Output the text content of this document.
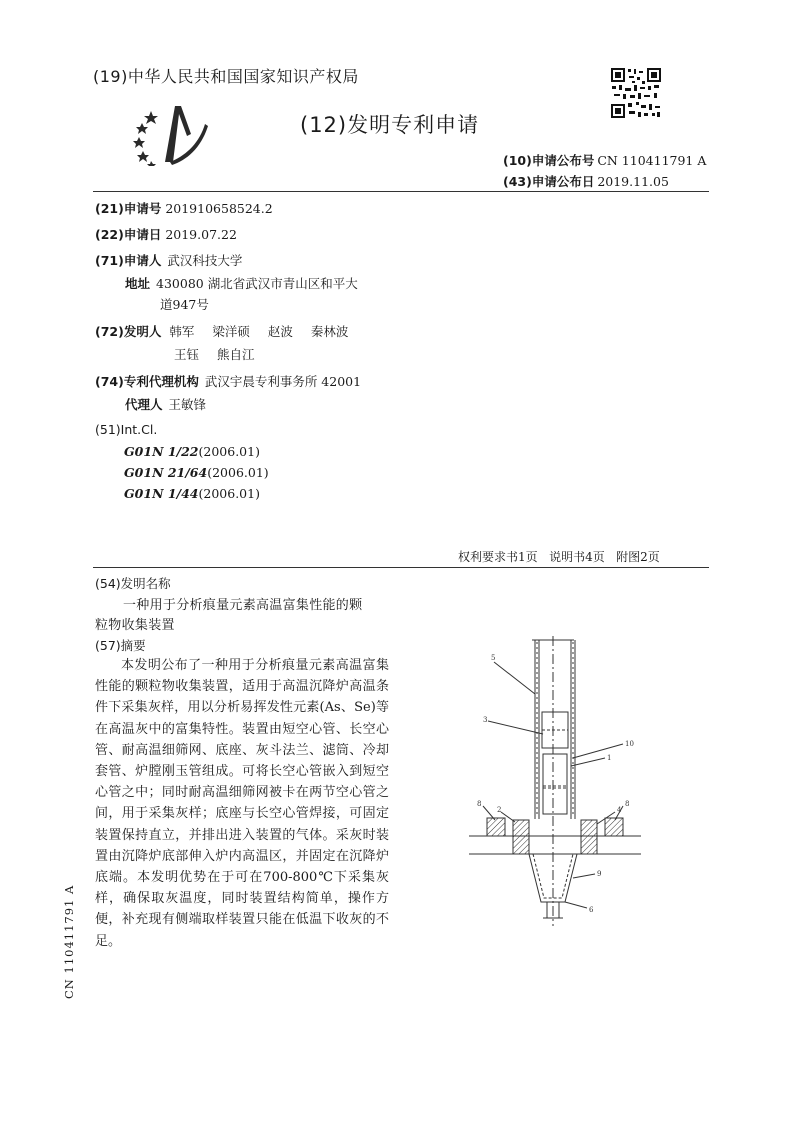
(19)中华人民共和国国家知识产权局
(12)发明专利申请
(10)申请公布号 CN 110411791 A
(43)申请公布日 2019.11.05
(21)申请号 201910658524.2
(22)申请日 2019.07.22
(71)申请人 武汉科技大学
地址 430080 湖北省武汉市青山区和平大
道947号
(72)发明人 韩军 梁洋硕 赵波 秦林波
王钰 熊自江
(74)专利代理机构 武汉宇晨专利事务所 42001
代理人 王敏锋
(51)Int.Cl.
G01N 1/22(2006.01)
G01N 21/64(2006.01)
G01N 1/44(2006.01)
权利要求书1页   说明书4页   附图2页
(54)发明名称
一种用于分析痕量元素高温富集性能的颗
粒物收集装置
(57)摘要
本发明公布了一种用于分析痕量元素高温富集性能的颗粒物收集装置，适用于高温沉降炉高温条件下采集灰样，用以分析易挥发性元素(As、Se)等在高温灰中的富集特性。装置由短空心管、长空心管、耐高温细筛网、底座、灰斗法兰、滤筒、冷却套管、炉膛刚玉管组成。可将长空心管嵌入到短空心管之中；同时耐高温细筛网被卡在两节空心管之间，用于采集灰样；底座与长空心管焊接，可固定装置保持直立，并排出进入装置的气体。采灰时装置由沉降炉底部伸入炉内高温区，并固定在沉降炉底端。本发明优势在于可在700-800℃下采集灰样，确保取灰温度，同时装置结构简单，操作方便，补充现有侧端取样装置只能在低温下收灰的不足。
CN 110411791 A
5
3
10
1
8
2	4
8
9
6
